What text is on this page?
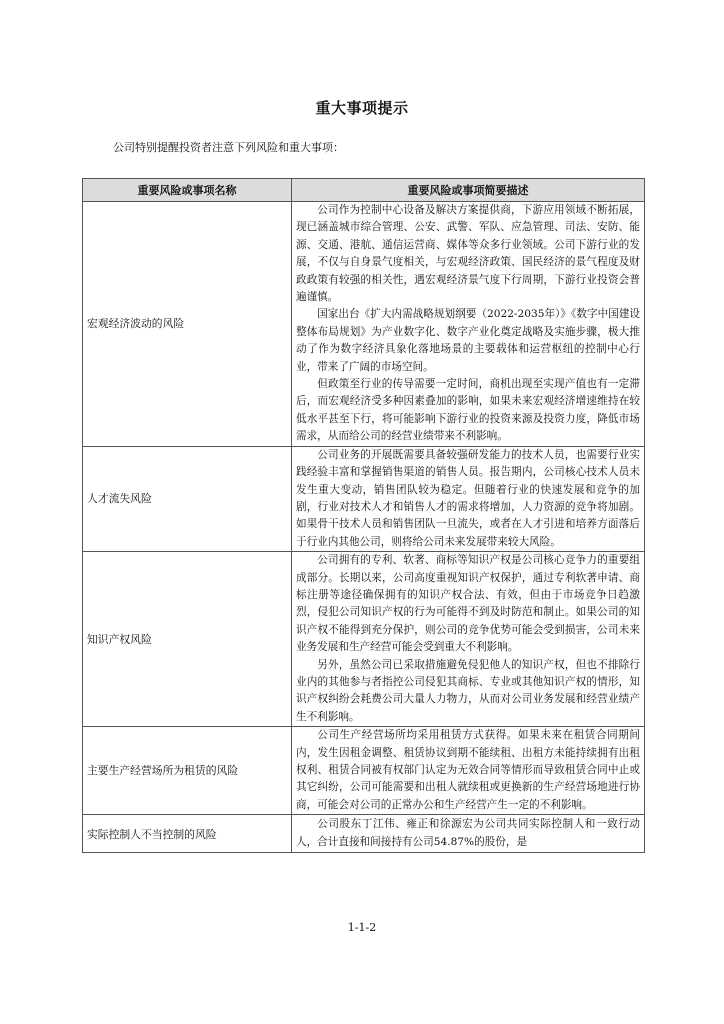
重大事项提示
公司特别提醒投资者注意下列风险和重大事项：
重要风险或事项名称	重要风险或事项简要描述
宏观经济波动的风险	公司作为控制中心设备及解决方案提供商，下游应用领域不断拓展，现已涵盖城市综合管理、公安、武警、军队、应急管理、司法、安防、能源、交通、港航、通信运营商、媒体等众多行业领域。公司下游行业的发展，不仅与自身景气度相关，与宏观经济政策、国民经济的景气程度及财政政策有较强的相关性，遇宏观经济景气度下行周期，下游行业投资会普遍谨慎。

国家出台《扩大内需战略规划纲要（2022-2035年）》《数字中国建设整体布局规划》为产业数字化、数字产业化奠定战略及实施步骤，极大推动了作为数字经济具象化落地场景的主要载体和运营枢纽的控制中心行业，带来了广阔的市场空间。

但政策至行业的传导需要一定时间，商机出现至实现产值也有一定滞后，而宏观经济受多种因素叠加的影响，如果未来宏观经济增速维持在较低水平甚至下行，将可能影响下游行业的投资来源及投资力度，降低市场需求，从而给公司的经营业绩带来不利影响。

人才流失风险	公司业务的开展既需要具备较强研发能力的技术人员，也需要行业实践经验丰富和掌握销售渠道的销售人员。报告期内，公司核心技术人员未发生重大变动，销售团队较为稳定。但随着行业的快速发展和竞争的加剧，行业对技术人才和销售人才的需求将增加，人力资源的竞争将加剧。如果骨干技术人员和销售团队一旦流失，或者在人才引进和培养方面落后于行业内其他公司，则将给公司未来发展带来较大风险。

知识产权风险	公司拥有的专利、软著、商标等知识产权是公司核心竞争力的重要组成部分。长期以来，公司高度重视知识产权保护，通过专利软著申请、商标注册等途径确保拥有的知识产权合法、有效，但由于市场竞争日趋激烈，侵犯公司知识产权的行为可能得不到及时防范和制止。如果公司的知识产权不能得到充分保护，则公司的竞争优势可能会受到损害，公司未来业务发展和生产经营可能会受到重大不利影响。

另外，虽然公司已采取措施避免侵犯他人的知识产权，但也不排除行业内的其他参与者指控公司侵犯其商标、专业或其他知识产权的情形，知识产权纠纷会耗费公司大量人力物力，从而对公司业务发展和经营业绩产生不利影响。

主要生产经营场所为租赁的风险	公司生产经营场所均采用租赁方式获得。如果未来在租赁合同期间内，发生因租金调整、租赁协议到期不能续租、出租方未能持续拥有出租权利、租赁合同被有权部门认定为无效合同等情形而导致租赁合同中止或其它纠纷，公司可能需要和出租人就续租或更换新的生产经营场地进行协商，可能会对公司的正常办公和生产经营产生一定的不利影响。

实际控制人不当控制的风险	公司股东丁江伟、雍正和徐源宏为公司共同实际控制人和一致行动人，合计直接和间接持有公司54.87%的股份，是

1-1-2
